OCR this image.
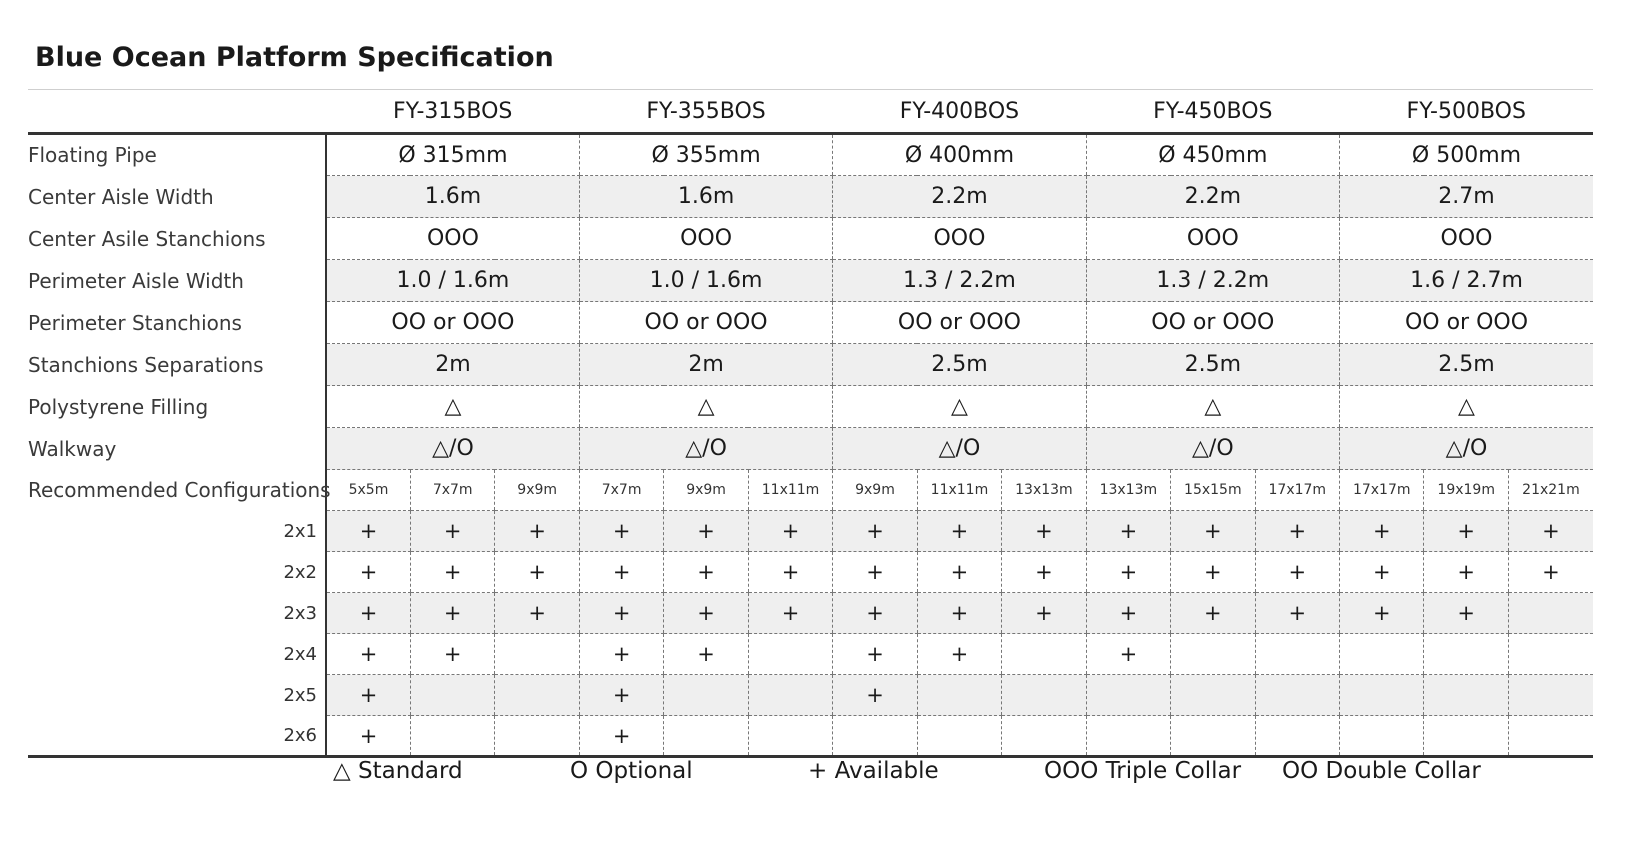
Blue Ocean Platform Specification
	FY-315BOS			FY-355BOS			FY-400BOS			FY-450BOS			FY-500BOS		
Floating Pipe	Ø 315mm			Ø 355mm			Ø 400mm			Ø 450mm			Ø 500mm		
Center Aisle Width	1.6m			1.6m			2.2m			2.2m			2.7m		
Center Asile Stanchions	OOO			OOO			OOO			OOO			OOO		
Perimeter Aisle Width	1.0 / 1.6m			1.0 / 1.6m			1.3 / 2.2m			1.3 / 2.2m			1.6 / 2.7m		
Perimeter Stanchions	OO or OOO			OO or OOO			OO or OOO			OO or OOO			OO or OOO		
Stanchions Separations	2m			2m			2.5m			2.5m			2.5m		
Polystyrene Filling	△			△			△			△			△		
Walkway	△/O			△/O			△/O			△/O			△/O		
Recommended Configurations	5x5m	7x7m	9x9m	7x7m	9x9m	11x11m	9x9m	11x11m	13x13m	13x13m	15x15m	17x17m	17x17m	19x19m	21x21m
2x1	+	+	+	+	+	+	+	+	+	+	+	+	+	+	+
2x2	+	+	+	+	+	+	+	+	+	+	+	+	+	+	+
2x3	+	+	+	+	+	+	+	+	+	+	+	+	+	+	
2x4	+	+		+	+		+	+		+					
2x5	+			+			+								
2x6	+			+											
△ Standard	O Optional	+ Available	OOO Triple Collar OO Double Collar
